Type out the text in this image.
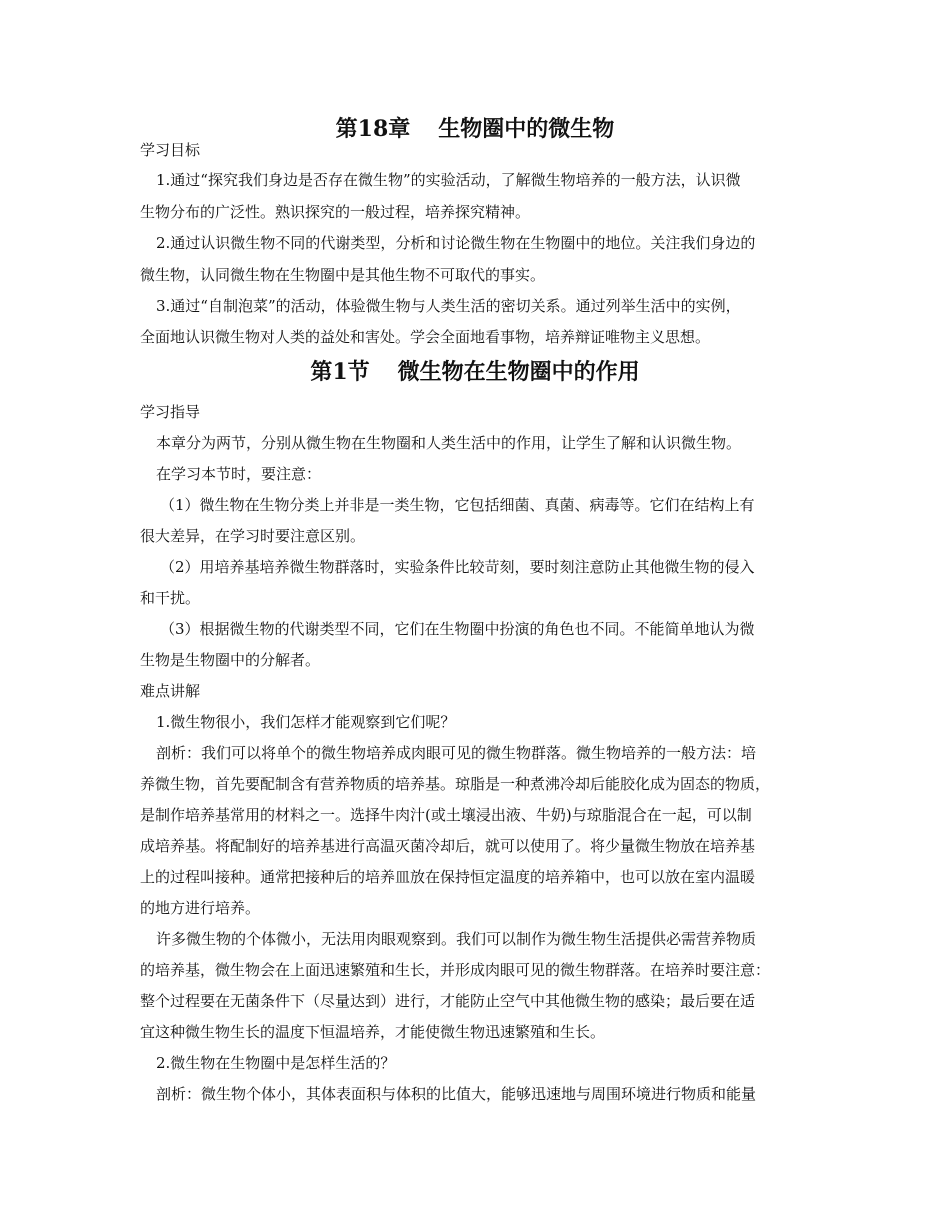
第18章 生物圈中的微生物
学习目标
1.通过“探究我们身边是否存在微生物”的实验活动，了解微生物培养的一般方法，认识微
生物分布的广泛性。熟识探究的一般过程，培养探究精神。
2.通过认识微生物不同的代谢类型，分析和讨论微生物在生物圈中的地位。关注我们身边的
微生物，认同微生物在生物圈中是其他生物不可取代的事实。
3.通过“自制泡菜”的活动，体验微生物与人类生活的密切关系。通过列举生活中的实例，
全面地认识微生物对人类的益处和害处。学会全面地看事物，培养辩证唯物主义思想。
第1节 微生物在生物圈中的作用
学习指导
本章分为两节，分别从微生物在生物圈和人类生活中的作用，让学生了解和认识微生物。
在学习本节时，要注意：
（1）微生物在生物分类上并非是一类生物，它包括细菌、真菌、病毒等。它们在结构上有
很大差异，在学习时要注意区别。
（2）用培养基培养微生物群落时，实验条件比较苛刻，要时刻注意防止其他微生物的侵入
和干扰。
（3）根据微生物的代谢类型不同，它们在生物圈中扮演的角色也不同。不能简单地认为微
生物是生物圈中的分解者。
难点讲解
1.微生物很小，我们怎样才能观察到它们呢？
剖析：我们可以将单个的微生物培养成肉眼可见的微生物群落。微生物培养的一般方法：培
养微生物，首先要配制含有营养物质的培养基。琼脂是一种煮沸冷却后能胶化成为固态的物质，
是制作培养基常用的材料之一。选择牛肉汁(或土壤浸出液、牛奶)与琼脂混合在一起，可以制
成培养基。将配制好的培养基进行高温灭菌冷却后，就可以使用了。将少量微生物放在培养基
上的过程叫接种。通常把接种后的培养皿放在保持恒定温度的培养箱中，也可以放在室内温暖
的地方进行培养。
许多微生物的个体微小，无法用肉眼观察到。我们可以制作为微生物生活提供必需营养物质
的培养基，微生物会在上面迅速繁殖和生长，并形成肉眼可见的微生物群落。在培养时要注意：
整个过程要在无菌条件下（尽量达到）进行，才能防止空气中其他微生物的感染；最后要在适
宜这种微生物生长的温度下恒温培养，才能使微生物迅速繁殖和生长。
2.微生物在生物圈中是怎样生活的？
剖析：微生物个体小，其体表面积与体积的比值大，能够迅速地与周围环境进行物质和能量
